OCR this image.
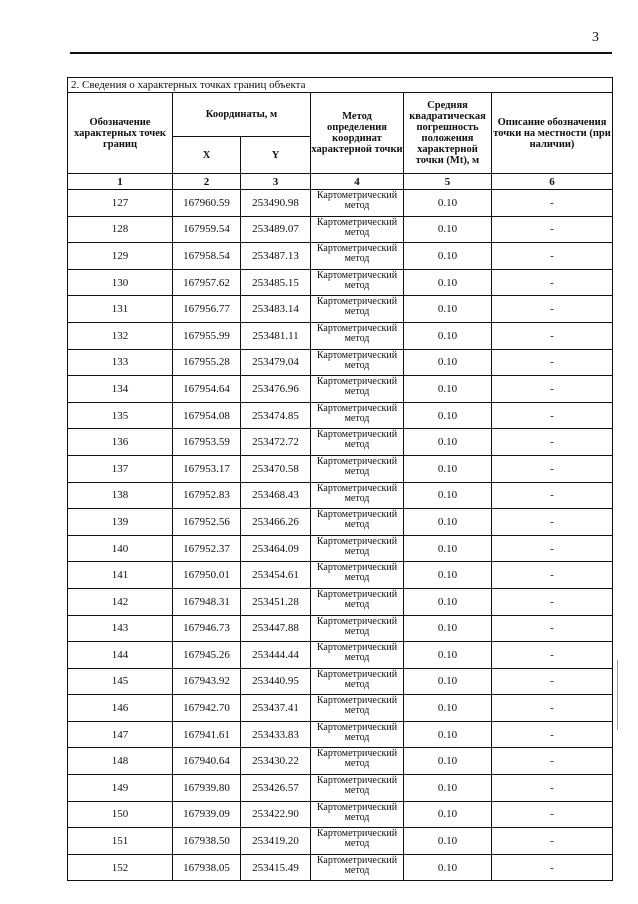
3
2. Сведения о характерных точках границ объекта					
Обозначение характерных точек границ	Координаты, м		Метод определения координат характерной точки	Средняя квадратическая погрешность положения характерной точки (Mt), м	Описание обозначения точки на местности (при наличии)
	X	Y			
1	2	3	4	5	6
127	167960.59	253490.98	Картометрический метод	0.10	-
128	167959.54	253489.07	Картометрический метод	0.10	-
129	167958.54	253487.13	Картометрический метод	0.10	-
130	167957.62	253485.15	Картометрический метод	0.10	-
131	167956.77	253483.14	Картометрический метод	0.10	-
132	167955.99	253481.11	Картометрический метод	0.10	-
133	167955.28	253479.04	Картометрический метод	0.10	-
134	167954.64	253476.96	Картометрический метод	0.10	-
135	167954.08	253474.85	Картометрический метод	0.10	-
136	167953.59	253472.72	Картометрический метод	0.10	-
137	167953.17	253470.58	Картометрический метод	0.10	-
138	167952.83	253468.43	Картометрический метод	0.10	-
139	167952.56	253466.26	Картометрический метод	0.10	-
140	167952.37	253464.09	Картометрический метод	0.10	-
141	167950.01	253454.61	Картометрический метод	0.10	-
142	167948.31	253451.28	Картометрический метод	0.10	-
143	167946.73	253447.88	Картометрический метод	0.10	-
144	167945.26	253444.44	Картометрический метод	0.10	-
145	167943.92	253440.95	Картометрический метод	0.10	-
146	167942.70	253437.41	Картометрический метод	0.10	-
147	167941.61	253433.83	Картометрический метод	0.10	-
148	167940.64	253430.22	Картометрический метод	0.10	-
149	167939.80	253426.57	Картометрический метод	0.10	-
150	167939.09	253422.90	Картометрический метод	0.10	-
151	167938.50	253419.20	Картометрический метод	0.10	-
152	167938.05	253415.49	Картометрический метод	0.10	-
